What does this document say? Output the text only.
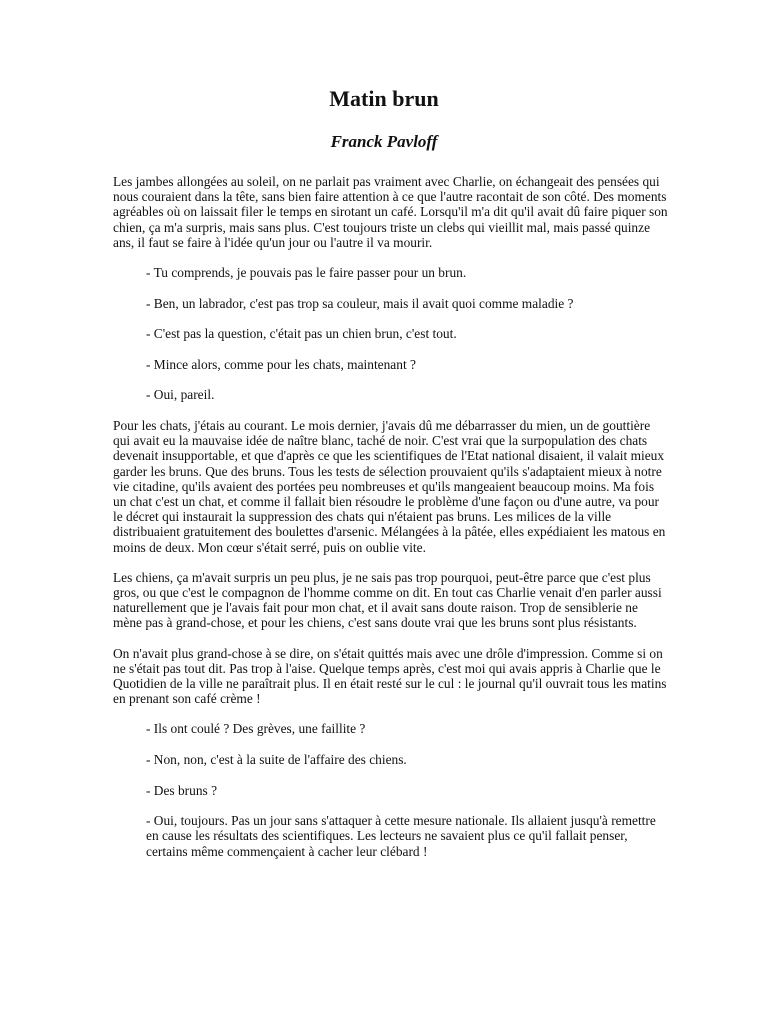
Matin brun
Franck Pavloff

Les jambes allongées au soleil, on ne parlait pas vraiment avec Charlie, on échangeait des pensées qui nous couraient dans la tête, sans bien faire attention à ce que l'autre racontait de son côté. Des moments agréables où on laissait filer le temps en sirotant un café. Lorsqu'il m'a dit qu'il avait dû faire piquer son chien, ça m'a surpris, mais sans plus. C'est toujours triste un clebs qui vieillit mal, mais passé quinze ans, il faut se faire à l'idée qu'un jour ou l'autre il va mourir.

- Tu comprends, je pouvais pas le faire passer pour un brun.

- Ben, un labrador, c'est pas trop sa couleur, mais il avait quoi comme maladie ?

- C'est pas la question, c'était pas un chien brun, c'est tout.

- Mince alors, comme pour les chats, maintenant ?

- Oui, pareil.

Pour les chats, j'étais au courant. Le mois dernier, j'avais dû me débarrasser du mien, un de gouttière qui avait eu la mauvaise idée de naître blanc, taché de noir. C'est vrai que la surpopulation des chats devenait insupportable, et que d'après ce que les scientifiques de l'Etat national disaient, il valait mieux garder les bruns. Que des bruns. Tous les tests de sélection prouvaient qu'ils s'adaptaient mieux à notre vie citadine, qu'ils avaient des portées peu nombreuses et qu'ils mangeaient beaucoup moins. Ma fois un chat c'est un chat, et comme il fallait bien résoudre le problème d'une façon ou d'une autre, va pour le décret qui instaurait la suppression des chats qui n'étaient pas bruns. Les milices de la ville distribuaient gratuitement des boulettes d'arsenic. Mélangées à la pâtée, elles expédiaient les matous en moins de deux. Mon cœur s'était serré, puis on oublie vite.

Les chiens, ça m'avait surpris un peu plus, je ne sais pas trop pourquoi, peut-être parce que c'est plus gros, ou que c'est le compagnon de l'homme comme on dit. En tout cas Charlie venait d'en parler aussi naturellement que je l'avais fait pour mon chat, et il avait sans doute raison. Trop de sensiblerie ne mène pas à grand-chose, et pour les chiens, c'est sans doute vrai que les bruns sont plus résistants.

On n'avait plus grand-chose à se dire, on s'était quittés mais avec une drôle d'impression. Comme si on ne s'était pas tout dit. Pas trop à l'aise. Quelque temps après, c'est moi qui avais appris à Charlie que le Quotidien de la ville ne paraîtrait plus. Il en était resté sur le cul : le journal qu'il ouvrait tous les matins en prenant son café crème !

- Ils ont coulé ? Des grèves, une faillite ?

- Non, non, c'est à la suite de l'affaire des chiens.

- Des bruns ?

- Oui, toujours. Pas un jour sans s'attaquer à cette mesure nationale. Ils allaient jusqu'à remettre en cause les résultats des scientifiques. Les lecteurs ne savaient plus ce qu'il fallait penser, certains même commençaient à cacher leur clébard !
